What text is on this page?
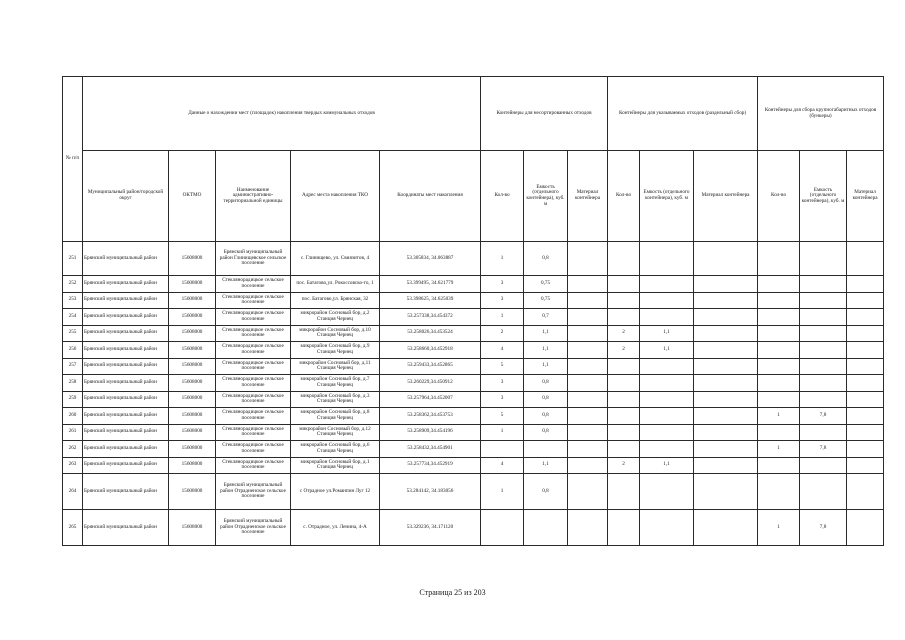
№ п/п	Данные о нахождении мест (площадок) накопления твердых коммунальных отходов					Контейнеры для несортированных отходов			Контейнеры для указываемых отходов (раздельный сбор)			Контейнеры для сбора крупногабаритных отходов (бункеры)		
	Муниципальный район/городской округ	ОКТМО	Наименование административно-территориальной единицы	Адрес места накопления ТКО	Координаты мест накопления	Кол-во	Емкость (отдельного контейнера), куб. м	Материал контейнера	Кол-во	Емкость (отдельного контейнера), куб. м	Материал контейнера	Кол-во	Емкость (отдельного контейнера), куб. м	Материал контейнера
251	Брянский муниципальный район	15608000	Брянский муниципальный район Глинищевское сельское поселение	с. Глинищево, ул. Свиязитов, 4	53.305834, 34.063887	1	0,8							
252	Брянский муниципальный район	15608000	Стеклянорадицкое сельское поселение	пос. Батагово,ул. Рокоссовско-го, 1	53.399495, 34.621779	3	0,75							
253	Брянский муниципальный район	15608000	Стеклянорадицкое сельское поселение	пос. Батагово,ул. Брянская, 32	53.398625, 34.625039	3	0,75							
254	Брянский муниципальный район	15608000	Стеклянорадицкое сельское поселение	микрорайон Сосновый бор, д.2 Станция Чернец	53.257338,34.454372	1	0,7							
255	Брянский муниципальный район	15608000	Стеклянорадицкое сельское поселение	микрорайон Сосновый бор, д.10 Станция Чернец	53.258026,34.453524	2	1,1		2	1,1				
256	Брянский муниципальный район	15608000	Стеклянорадицкое сельское поселение	микрорайон Сосновый бор, д.9 Станция Чернец	53.258660,34.452918	4	1,1		2	1,1				
257	Брянский муниципальный район	15608000	Стеклянорадицкое сельское поселение	микрорайон Сосновый бор, д.11 Станция Чернец	53.259433,34.452865	5	1,1							
258	Брянский муниципальный район	15608000	Стеклянорадицкое сельское поселение	микрорайон Сосновый бор, д.7 Станция Чернец	53.260229,34.450912	3	0,8							
259	Брянский муниципальный район	15608000	Стеклянорадицкое сельское поселение	микрорайон Сосновый бор, д.3 Станция Чернец	53.257964,34.452007	3	0,8							
260	Брянский муниципальный район	15608000	Стеклянорадицкое сельское поселение	микрорайон Сосновый бор, д.8 Станция Чернец	53.258362,34.453753	5	0,8					1	7,8	
261	Брянский муниципальный район	15608000	Стеклянорадицкое сельское поселение	микрорайон Сосновый бор, д.12 Станция Чернец	53.258909,34.454196	1	0,8							
262	Брянский муниципальный район	15608000	Стеклянорадицкое сельское поселение	микрорайон Сосновый бор, д.6 Станция Чернец	53.258432,34.454901							1	7,8	
263	Брянский муниципальный район	15608000	Стеклянорадицкое сельское поселение	микрорайон Сосновый бор, д.1 Станция Чернец	53.257734,34.452919	4	1,1		2	1,1				
264	Брянский муниципальный район	15608000	Брянский муниципальный район Отрадненское сельское поселение	с Отрадное ул.Романпин Луг 12	53.284142, 34.183056	1	0,8							
265	Брянский муниципальный район	15608000	Брянский муниципальный район Отрадненское сельское поселение	с. Отрадное, ул. Ленина, 4-А	53.329236, 34.171120							1	7,8	
Страница 25 из 203
